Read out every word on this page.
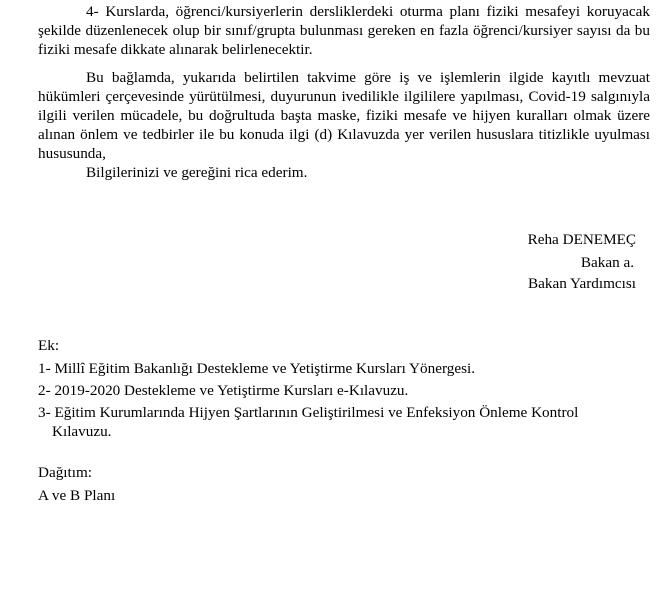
4- Kurslarda, öğrenci/kursiyerlerin dersliklerdeki oturma planı fiziki mesafeyi koruyacak şekilde düzenlenecek olup bir sınıf/grupta bulunması gereken en fazla öğrenci/kursiyer sayısı da bu fiziki mesafe dikkate alınarak belirlenecektir.

Bu bağlamda, yukarıda belirtilen takvime göre iş ve işlemlerin ilgide kayıtlı mevzuat hükümleri çerçevesinde yürütülmesi, duyurunun ivedilikle ilgililere yapılması, Covid-19 salgınıyla ilgili verilen mücadele, bu doğrultuda başta maske, fiziki mesafe ve hijyen kuralları olmak üzere alınan önlem ve tedbirler ile bu konuda ilgi (d) Kılavuzda yer verilen hususlara titizlikle uyulması hususunda,

Bilgilerinizi ve gereğini rica ederim.

Reha DENEMEÇ
Bakan a.
Bakan Yardımcısı

Ek:

1- Millî Eğitim Bakanlığı Destekleme ve Yetiştirme Kursları Yönergesi.

2- 2019-2020 Destekleme ve Yetiştirme Kursları e-Kılavuzu.

3- Eğitim Kurumlarında Hijyen Şartlarının Geliştirilmesi ve Enfeksiyon Önleme Kontrol
Kılavuzu.

Dağıtım:

A ve B Planı
